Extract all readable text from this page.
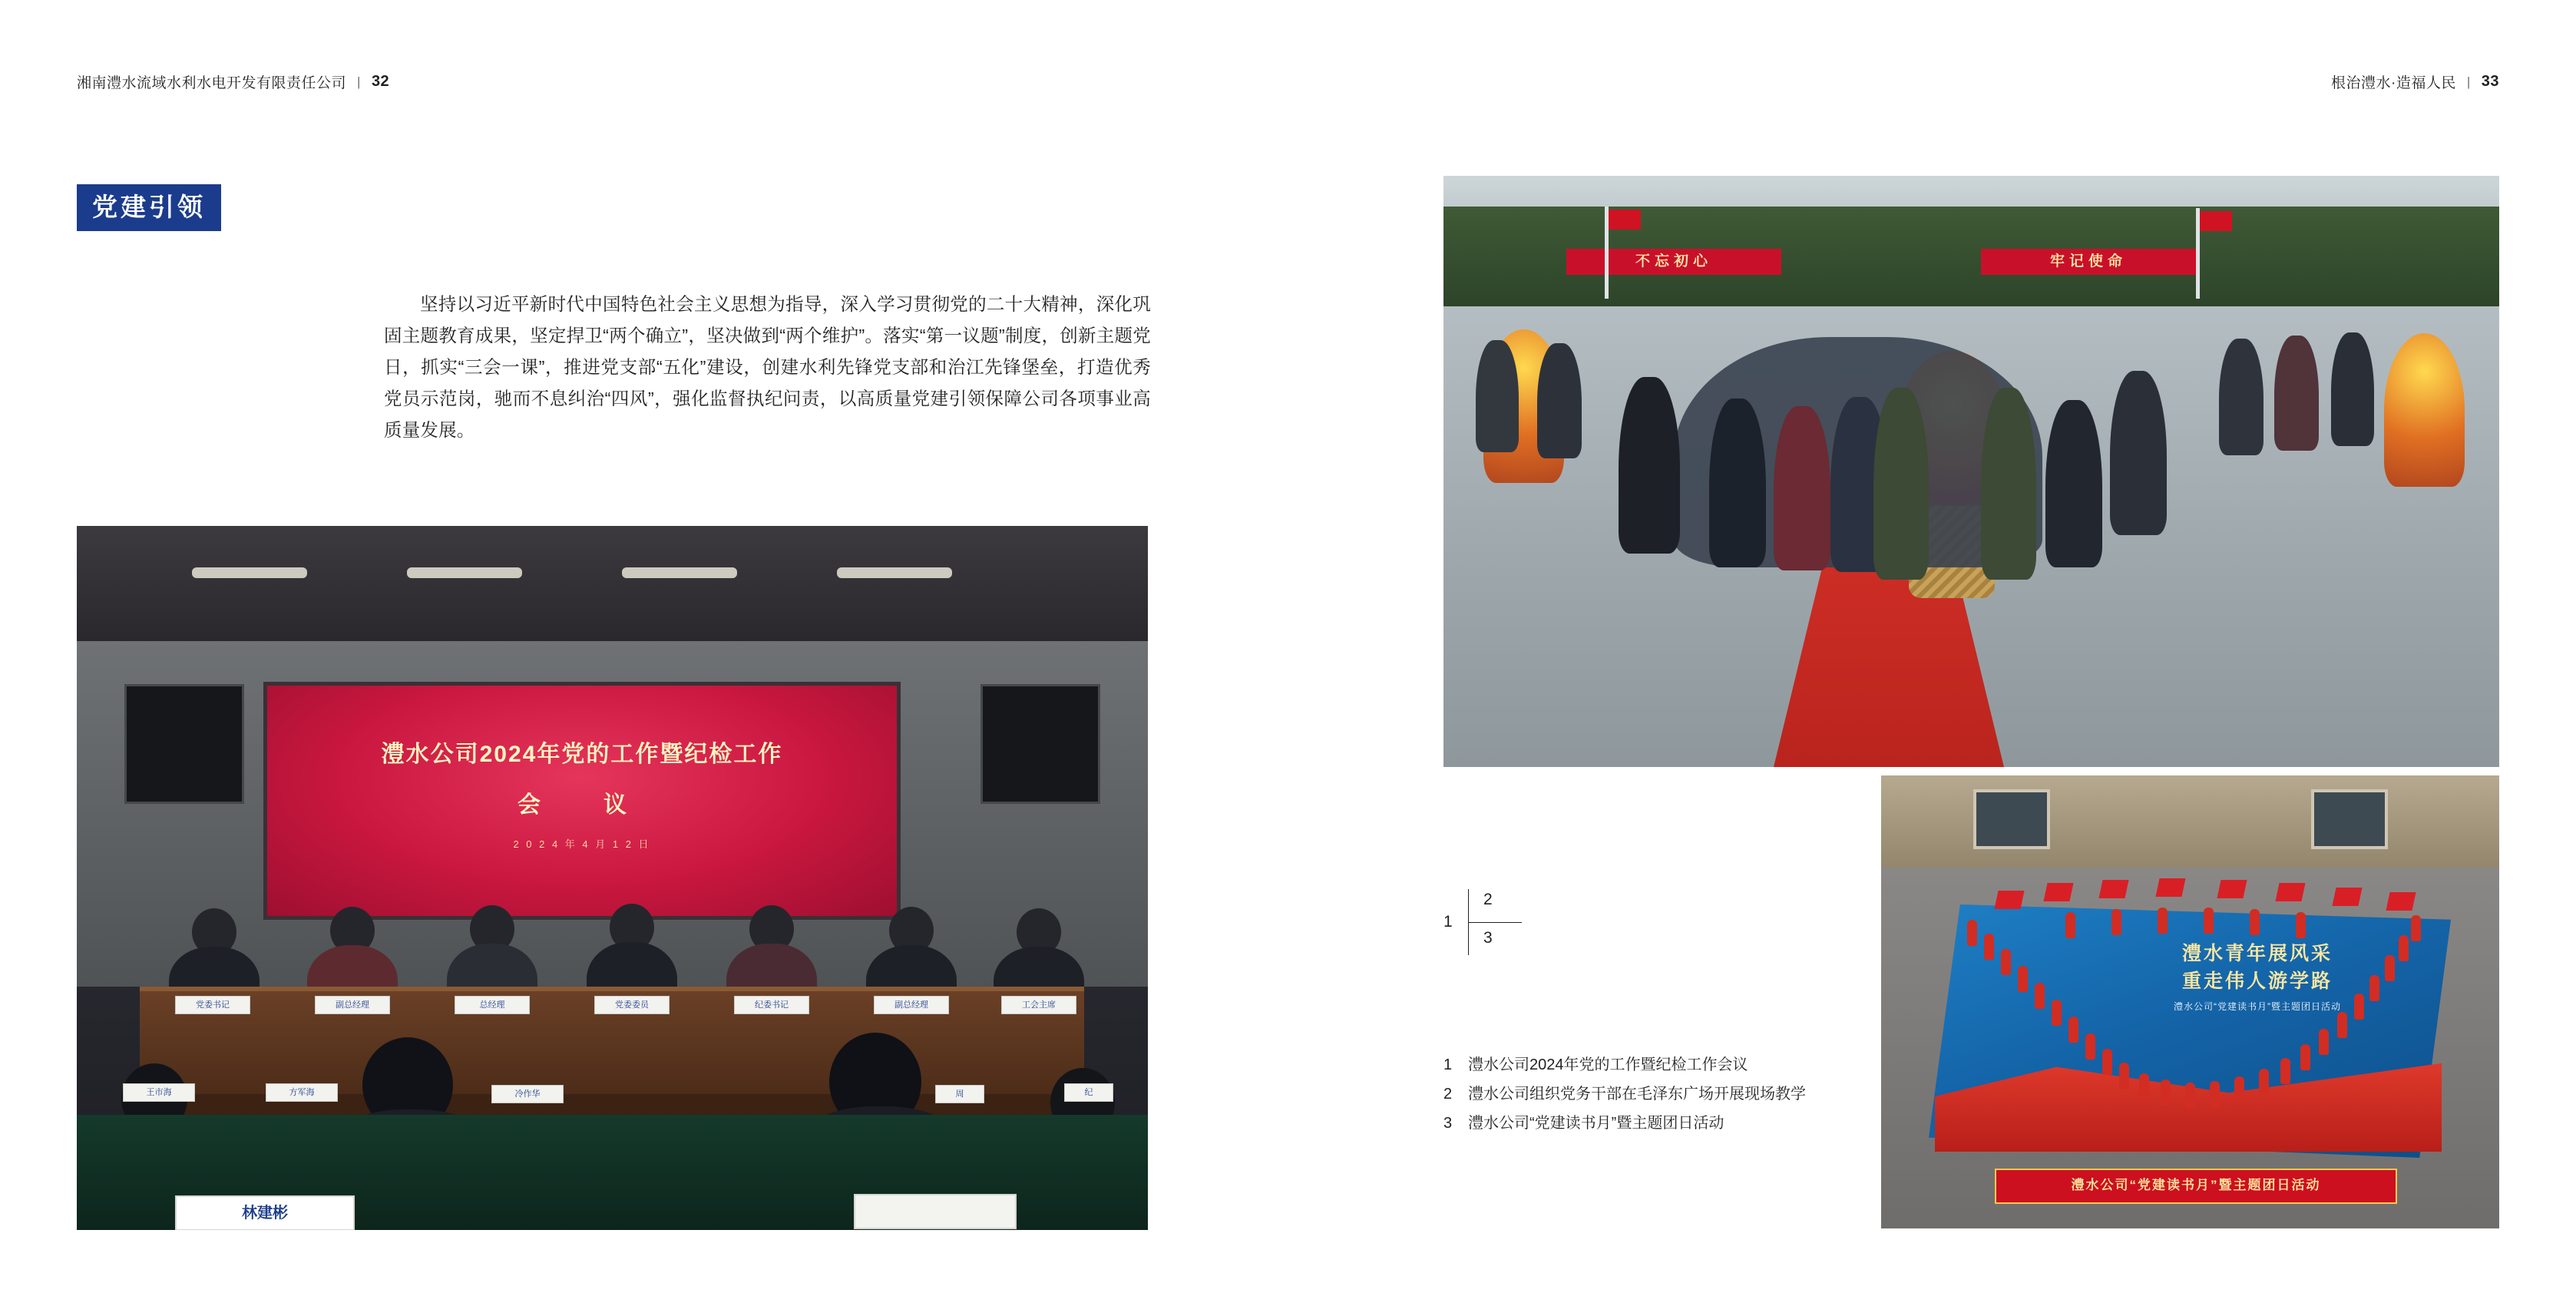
湘南澧水流域水利水电开发有限责任公司 | 32	根治澧水·造福人民 | 33
党建引领
坚持以习近平新时代中国特色社会主义思想为指导，深入学习贯彻党的二十大精神，深化巩固主题教育成果，坚定捍卫“两个确立”，坚决做到“两个维护”。落实“第一议题”制度，创新主题党日，抓实“三会一课”，推进党支部“五化”建设，创建水利先锋党支部和治江先锋堡垒，打造优秀党员示范岗，驰而不息纠治“四风”，强化监督执纪问责，以高质量党建引领保障公司各项事业高质量发展。
澧水公司2024年党的工作暨纪检工作
会　议
2 0 2 4 年 4 月 1 2 日
党委书记	副总经理	总经理	党委委员	纪委书记	副总经理	工会主席
王市海	方军海	冷作华	周	纪
林建彬
不忘初心	牢记使命
1
2
3
1 澧水公司2024年党的工作暨纪检工作会议
2 澧水公司组织党务干部在毛泽东广场开展现场教学
3 澧水公司“党建读书月”暨主题团日活动
澧水青年展风采
重走伟人游学路
澧水公司“党建读书月”暨主题团日活动
澧水公司“党建读书月”暨主题团日活动
